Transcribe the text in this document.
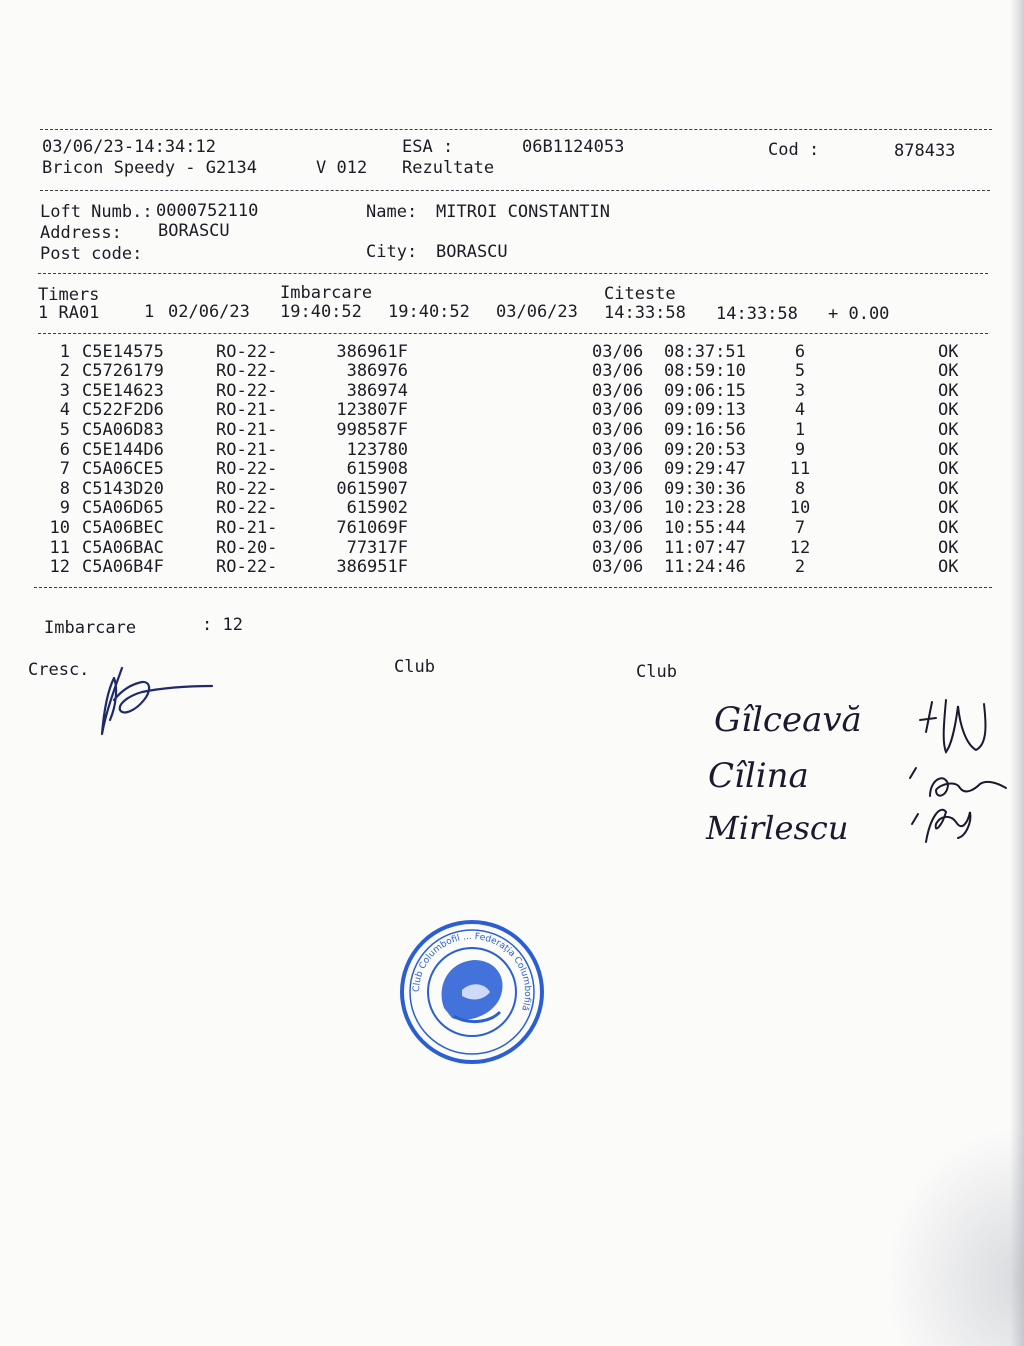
03/06/23-14:34:12	ESA :	06B1124053	Cod :	878433
Bricon Speedy - G2134	V 012 Rezultate
Loft Numb.: 0000752110	Name: MITROI CONSTANTIN
Address: BORASCU
Post code:	City: BORASCU
Timers	Imbarcare	Citeste
1 RA01	1 02/06/23 19:40:52 19:40:52 03/06/23 14:33:58 14:33:58 + 0.00
1 C5E14575	RO-22-	386961F	03/06 08:37:51	6	OK
2 C5726179	RO-22-	386976	03/06 08:59:10	5	OK
3 C5E14623	RO-22-	386974	03/06 09:06:15	3	OK
4 C522F2D6	RO-21-	123807F	03/06 09:09:13	4	OK
5 C5A06D83	RO-21-	998587F	03/06 09:16:56	1	OK
6 C5E144D6	RO-21-	123780	03/06 09:20:53	9	OK
7 C5A06CE5	RO-22-	615908	03/06 09:29:47	11	OK
8 C5143D20	RO-22-	0615907	03/06 09:30:36	8	OK
9 C5A06D65	RO-22-	615902	03/06 10:23:28	10	OK
10 C5A06BEC	RO-21-	761069F	03/06 10:55:44	7	OK
11 C5A06BAC	RO-20-	77317F	03/06 11:07:47	12	OK
12 C5A06B4F	RO-22-	386951F	03/06 11:24:46	2	OK
Imbarcare	: 12
Cresc.	Club	Club
Gîlceavă
Cîlina
Mirlescu
Club Columbofil ... Federația Columbofilă
